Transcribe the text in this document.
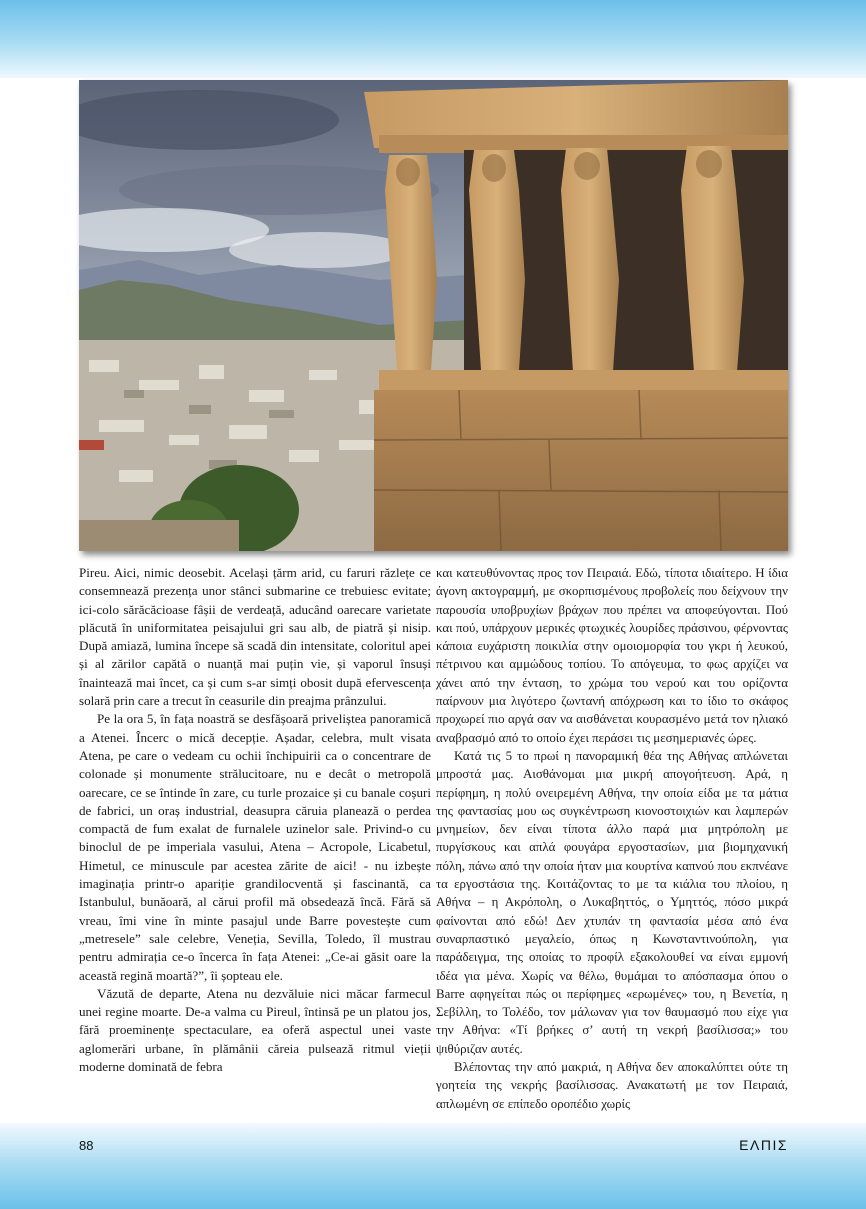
Pireu. Aici, nimic deosebit. Același țărm arid, cu faruri răzlețe ce consemnează prezența unor stânci submarine ce trebuiesc evitate; ici-colo sărăcăcioase fâșii de verdeață, aducând oarecare varietate plăcută în uniformitatea peisajului gri sau alb, de piatră și nisip. După amiază, lumina începe să scadă din intensitate, coloritul apei și al zărilor capătă o nuanță mai puțin vie, și vaporul însuși înaintează mai încet, ca și cum s-ar simți obosit după efervescența solară prin care a trecut în ceasurile din preajma prânzului.

Pe la ora 5, în fața noastră se desfășoară priveliștea panoramică a Atenei. Încerc o mică decepție. Așadar, celebra, mult visata Atena, pe care o vedeam cu ochii închipuirii ca o concentrare de colonade și monumente strălucitoare, nu e decât o metropolă oarecare, ce se întinde în zare, cu turle prozaice și cu banale coșuri de fabrici, un oraș industrial, deasupra căruia planează o perdea compactă de fum exalat de furnalele uzinelor sale. Privind-o cu binoclul de pe imperiala vasului, Atena – Acropole, Licabetul, Himetul, ce minuscule par acestea zărite de aici! - nu izbește imaginația printr-o apariție grandilocventă și fascinantă, ca Istanbulul, bunăoară, al cărui profil mă obsedează încă. Fără să vreau, îmi vine în minte pasajul unde Barre povestește cum „metresele” sale celebre, Veneția, Sevilla, Toledo, îl mustrau pentru admirația ce-o încerca în fața Atenei: „Ce-ai găsit oare la această regină moartă?”, îi șopteau ele.

Văzută de departe, Atena nu dezvăluie nici măcar farmecul unei regine moarte. De-a valma cu Pireul, întinsă pe un platou jos, fără proeminențe spectaculare, ea oferă aspectul unei vaste aglomerări urbane, în plămânii căreia pulsează ritmul vieții moderne dominată de febra

και κατευθύνοντας προς τον Πειραιά. Εδώ, τίποτα ιδιαίτερο. Η ίδια άγονη ακτογραμμή, με σκορπισμένους προβολείς που δείχνουν την παρουσία υποβρυχίων βράχων που πρέπει να αποφεύγονται. Πού και πού, υπάρχουν μερικές φτωχικές λουρίδες πράσινου, φέρνοντας κάποια ευχάριστη ποικιλία στην ομοιομορφία του γκρι ή λευκού, πέτρινου και αμμώδους τοπίου. Το απόγευμα, το φως αρχίζει να χάνει από την ένταση, το χρώμα του νερού και του ορίζοντα παίρνουν μια λιγότερο ζωντανή απόχρωση και το ίδιο το σκάφος προχωρεί πιο αργά σαν να αισθάνεται κουρασμένο μετά τον ηλιακό αναβρασμό από το οποίο έχει περάσει τις μεσημεριανές ώρες.

Κατά τις 5 το πρωί η πανοραμική θέα της Αθήνας απλώνεται μπροστά μας. Αισθάνομαι μια μικρή απογοήτευση. Αρά, η περίφημη, η πολύ ονειρεμένη Αθήνα, την οποία είδα με τα μάτια της φαντασίας μου ως συγκέντρωση κιονοστοιχιών και λαμπερών μνημείων, δεν είναι τίποτα άλλο παρά μια μητρόπολη με πυργίσκους και απλά φουγάρα εργοστασίων, μια βιομηχανική πόλη, πάνω από την οποία ήταν μια κουρτίνα καπνού που εκπνέανε τα εργοστάσια της. Κοιτάζοντας το με τα κιάλια του πλοίου, η Αθήνα – η Ακρόπολη, ο Λυκαβηττός, ο Υμηττός, πόσο μικρά φαίνονται από εδώ! Δεν χτυπάν τη φαντασία μέσα από ένα συναρπαστικό μεγαλείο, όπως η Κωνσταντινούπολη, για παράδειγμα, της οποίας το προφίλ εξακολουθεί να είναι εμμονή ιδέα για μένα. Χωρίς να θέλω, θυμάμαι το απόσπασμα όπου ο Barre αφηγείται πώς οι περίφημες «ερωμένες» του, η Βενετία, η Σεβίλλη, το Τολέδο, τον μάλωναν για τον θαυμασμό που είχε για την Αθήνα: «Τί βρήκες σ’ αυτή τη νεκρή βασίλισσα;» του ψιθύριζαν αυτές.

Βλέποντας την από μακριά, η Αθήνα δεν αποκαλύπτει ούτε τη γοητεία της νεκρής βασίλισσας. Ανακατωτή με τον Πειραιά, απλωμένη σε επίπεδο οροπέδιο χωρίς

88	ΕΛΠΙΣ
